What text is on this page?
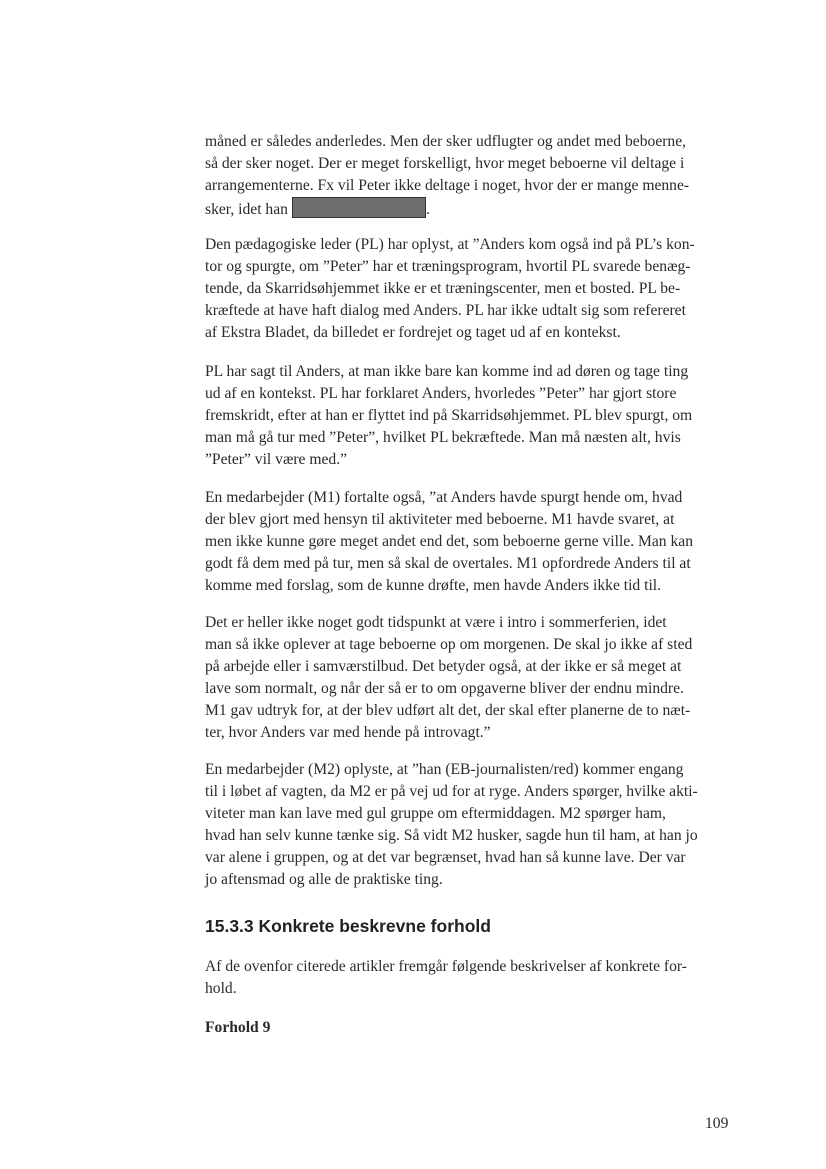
måned er således anderledes. Men der sker udflugter og andet med beboerne,
så der sker noget. Der er meget forskelligt, hvor meget beboerne vil deltage i
arrangementerne. Fx vil Peter ikke deltage i noget, hvor der er mange menne-
sker, idet han	.

Den pædagogiske leder (PL) har oplyst, at ”Anders kom også ind på PL’s kon-
tor og spurgte, om ”Peter” har et træningsprogram, hvortil PL svarede benæg-
tende, da Skarridsøhjemmet ikke er et træningscenter, men et bosted. PL be-
kræftede at have haft dialog med Anders. PL har ikke udtalt sig som refereret
af Ekstra Bladet, da billedet er fordrejet og taget ud af en kontekst.

PL har sagt til Anders, at man ikke bare kan komme ind ad døren og tage ting
ud af en kontekst. PL har forklaret Anders, hvorledes ”Peter” har gjort store
fremskridt, efter at han er flyttet ind på Skarridsøhjemmet. PL blev spurgt, om
man må gå tur med ”Peter”, hvilket PL bekræftede. Man må næsten alt, hvis
”Peter” vil være med.”

En medarbejder (M1) fortalte også, ”at Anders havde spurgt hende om, hvad
der blev gjort med hensyn til aktiviteter med beboerne. M1 havde svaret, at
men ikke kunne gøre meget andet end det, som beboerne gerne ville. Man kan
godt få dem med på tur, men så skal de overtales. M1 opfordrede Anders til at
komme med forslag, som de kunne drøfte, men havde Anders ikke tid til.

Det er heller ikke noget godt tidspunkt at være i intro i sommerferien, idet
man så ikke oplever at tage beboerne op om morgenen. De skal jo ikke af sted
på arbejde eller i samværstilbud. Det betyder også, at der ikke er så meget at
lave som normalt, og når der så er to om opgaverne bliver der endnu mindre.
M1 gav udtryk for, at der blev udført alt det, der skal efter planerne de to næt-
ter, hvor Anders var med hende på introvagt.”

En medarbejder (M2) oplyste, at ”han (EB-journalisten/red) kommer engang
til i løbet af vagten, da M2 er på vej ud for at ryge. Anders spørger, hvilke akti-
viteter man kan lave med gul gruppe om eftermiddagen. M2 spørger ham,
hvad han selv kunne tænke sig. Så vidt M2 husker, sagde hun til ham, at han jo
var alene i gruppen, og at det var begrænset, hvad han så kunne lave. Der var
jo aftensmad og alle de praktiske ting.

15.3.3 Konkrete beskrevne forhold

Af de ovenfor citerede artikler fremgår følgende beskrivelser af konkrete for-
hold.

Forhold 9
109
